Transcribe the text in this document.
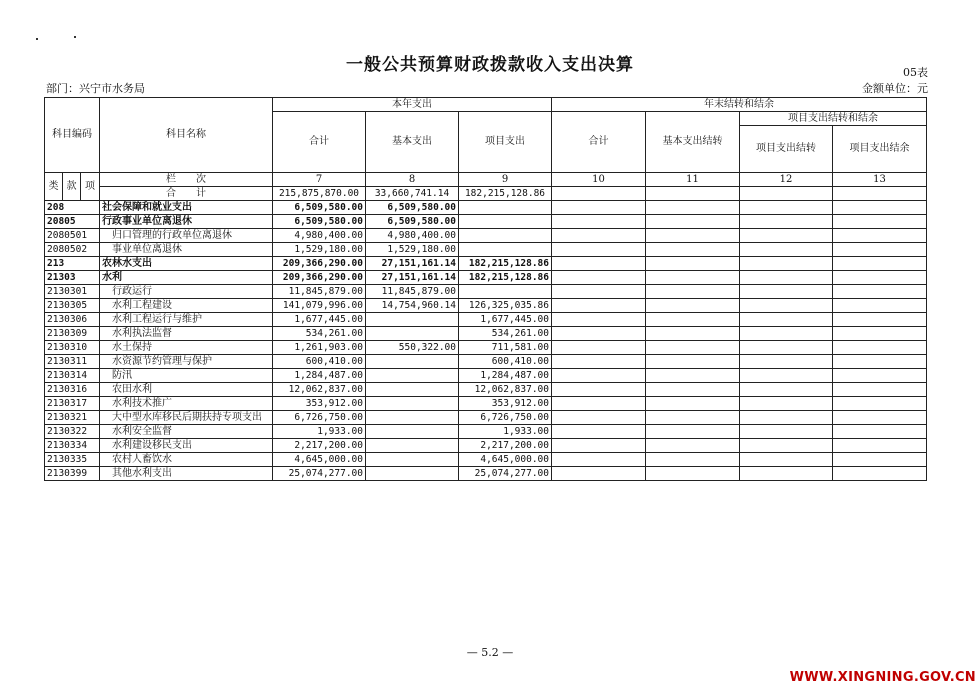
一般公共预算财政拨款收入支出决算	05表
部门：兴宁市水务局	金额单位：元
科目编码			科目名称	本年支出			年末结转和结余			
				合计	基本支出	项目支出	合计	基本支出结转	项目支出结转和结余	
									项目支出结转	项目支出结余
类	款	项	栏　　次	7	8	9	10	11	12	13
			合　　计	215,875,870.00	33,660,741.14	182,215,128.86				
208			社会保障和就业支出	6,509,580.00	6,509,580.00					
20805			行政事业单位离退休	6,509,580.00	6,509,580.00					
2080501			归口管理的行政单位离退休	4,980,400.00	4,980,400.00					
2080502			事业单位离退休	1,529,180.00	1,529,180.00					
213			农林水支出	209,366,290.00	27,151,161.14	182,215,128.86				
21303			水利	209,366,290.00	27,151,161.14	182,215,128.86				
2130301			行政运行	11,845,879.00	11,845,879.00					
2130305			水利工程建设	141,079,996.00	14,754,960.14	126,325,035.86				
2130306			水利工程运行与维护	1,677,445.00		1,677,445.00				
2130309			水利执法监督	534,261.00		534,261.00				
2130310			水土保持	1,261,903.00	550,322.00	711,581.00				
2130311			水资源节约管理与保护	600,410.00		600,410.00				
2130314			防汛	1,284,487.00		1,284,487.00				
2130316			农田水利	12,062,837.00		12,062,837.00				
2130317			水利技术推广	353,912.00		353,912.00				
2130321			大中型水库移民后期扶持专项支出	6,726,750.00		6,726,750.00				
2130322			水利安全监督	1,933.00		1,933.00				
2130334			水利建设移民支出	2,217,200.00		2,217,200.00				
2130335			农村人畜饮水	4,645,000.00		4,645,000.00				
2130399			其他水利支出	25,074,277.00		25,074,277.00				
— 5.2 —
WWW.XINGNING.GOV.CN
